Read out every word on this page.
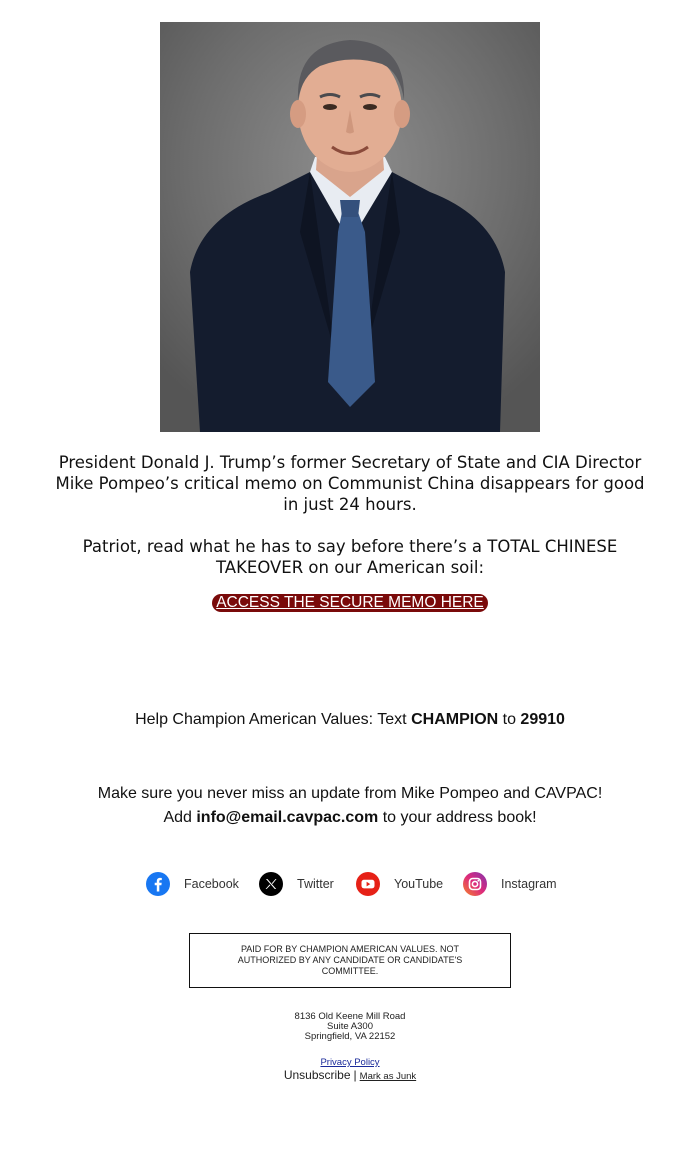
President Donald J. Trump’s former Secretary of State and CIA Director Mike Pompeo’s critical memo on Communist China disappears for good in just 24 hours.
Patriot, read what he has to say before there’s a TOTAL CHINESE TAKEOVER on our American soil:
ACCESS THE SECURE MEMO HERE
Help Champion American Values: Text CHAMPION to 29910
Make sure you never miss an update from Mike Pompeo and CAVPAC!
Add info@email.cavpac.com to your address book!
Facebook	Twitter	YouTube	Instagram
PAID FOR BY CHAMPION AMERICAN VALUES. NOT AUTHORIZED BY ANY CANDIDATE OR CANDIDATE'S COMMITTEE.
8136 Old Keene Mill Road
Suite A300
Springfield, VA 22152
Privacy Policy
Unsubscribe | Mark as Junk
